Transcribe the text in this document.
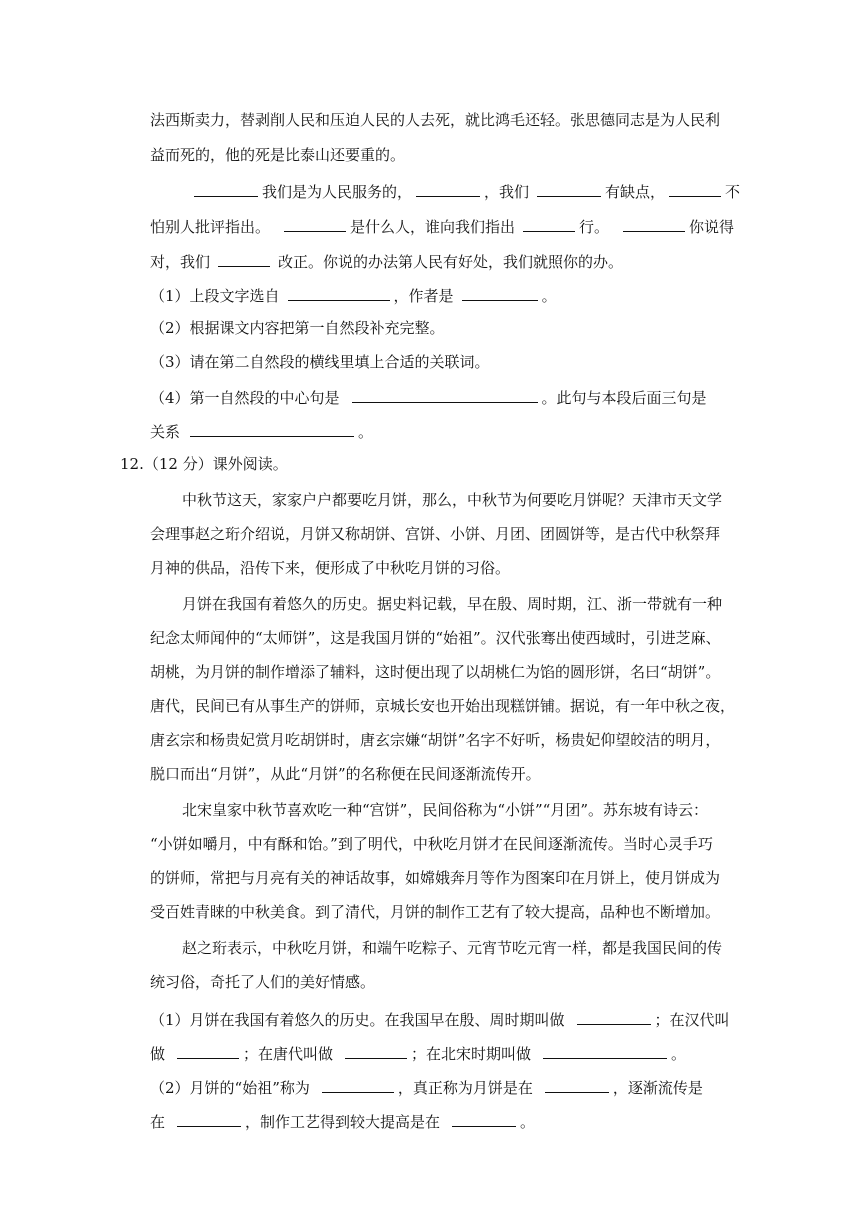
法西斯卖力，替剥削人民和压迫人民的人去死，就比鸿毛还轻。张思德同志是为人民利
益而死的，他的死是比泰山还要重的。
我们是为人民服务的，	，我们	有缺点，	不
怕别人批评指出。	是什么人，谁向我们指出	行。	你说得
对，我们	改正。你说的办法第人民有好处，我们就照你的办。
（1）上段文字选自	，作者是	。
（2）根据课文内容把第一自然段补充完整。
（3）请在第二自然段的横线里填上合适的关联词。
（4）第一自然段的中心句是	。此句与本段后面三句是
关系	。
12.（12 分）课外阅读。
中秋节这天，家家户户都要吃月饼，那么，中秋节为何要吃月饼呢？天津市天文学
会理事赵之珩介绍说，月饼又称胡饼、宫饼、小饼、月团、团圆饼等，是古代中秋祭拜
月神的供品，沿传下来，便形成了中秋吃月饼的习俗。
月饼在我国有着悠久的历史。据史料记载，早在殷、周时期，江、浙一带就有一种
纪念太师闻仲的“太师饼”，这是我国月饼的“始祖”。汉代张骞出使西域时，引进芝麻、
胡桃，为月饼的制作增添了辅料，这时便出现了以胡桃仁为馅的圆形饼，名曰“胡饼”。
唐代，民间已有从事生产的饼师，京城长安也开始出现糕饼铺。据说，有一年中秋之夜，
唐玄宗和杨贵妃赏月吃胡饼时，唐玄宗嫌“胡饼”名字不好听，杨贵妃仰望皎洁的明月，
脱口而出“月饼”，从此“月饼”的名称便在民间逐渐流传开。
北宋皇家中秋节喜欢吃一种“宫饼”，民间俗称为“小饼”“月团”。苏东坡有诗云：
“小饼如嚼月，中有酥和饴。”到了明代，中秋吃月饼才在民间逐渐流传。当时心灵手巧
的饼师，常把与月亮有关的神话故事，如嫦娥奔月等作为图案印在月饼上，使月饼成为
受百姓青睐的中秋美食。到了清代，月饼的制作工艺有了较大提高，品种也不断增加。
赵之珩表示，中秋吃月饼，和端午吃粽子、元宵节吃元宵一样，都是我国民间的传
统习俗，奇托了人们的美好情感。
（1）月饼在我国有着悠久的历史。在我国早在殷、周时期叫做	；在汉代叫
做	；在唐代叫做	；在北宋时期叫做	。
（2）月饼的“始祖”称为	，真正称为月饼是在	，逐渐流传是
在	，制作工艺得到较大提高是在	。
